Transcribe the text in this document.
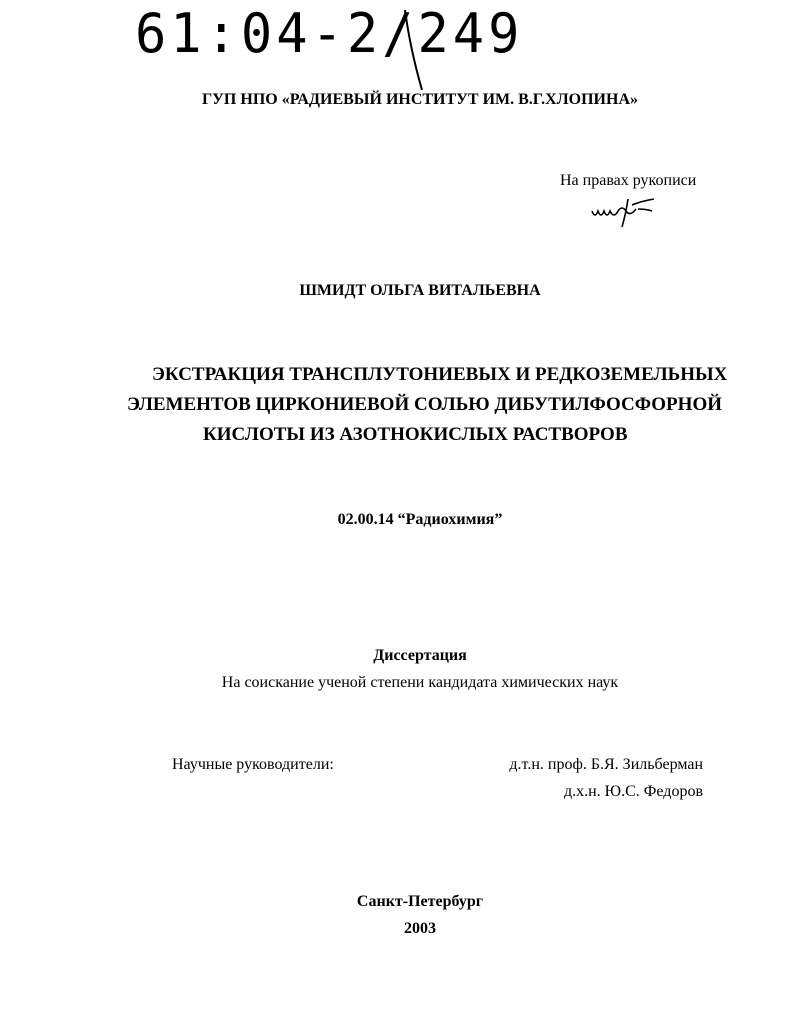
61:04-2/249
ГУП НПО «РАДИЕВЫЙ ИНСТИТУТ ИМ. В.Г.ХЛОПИНА»
На правах рукописи
ШМИДТ ОЛЬГА ВИТАЛЬЕВНА
ЭКСТРАКЦИЯ ТРАНСПЛУТОНИЕВЫХ И РЕДКОЗЕМЕЛЬНЫХ
ЭЛЕМЕНТОВ ЦИРКОНИЕВОЙ СОЛЬЮ ДИБУТИЛФОСФОРНОЙ
КИСЛОТЫ ИЗ АЗОТНОКИСЛЫХ РАСТВОРОВ
02.00.14 “Радиохимия”
Диссертация
На соискание ученой степени кандидата химических наук
Научные руководители:	д.т.н. проф. Б.Я. Зильберман
д.х.н. Ю.С. Федоров
Санкт-Петербург
2003
